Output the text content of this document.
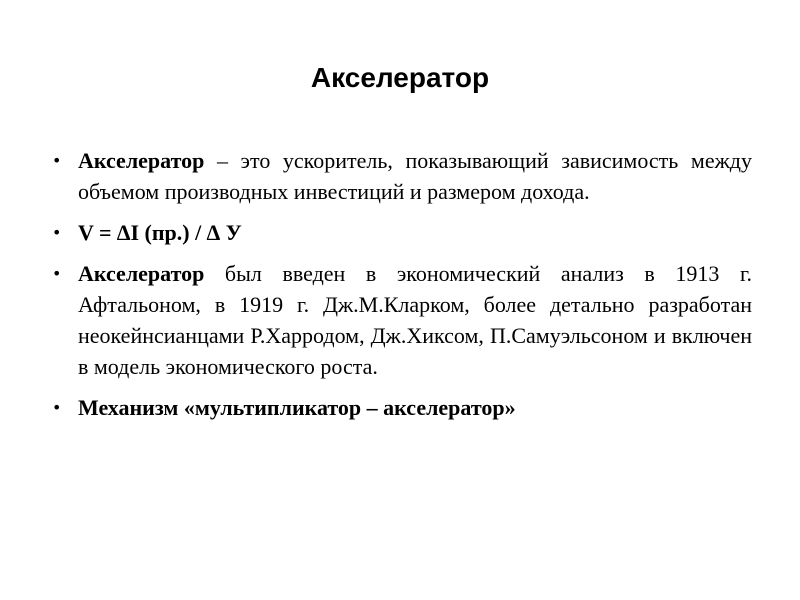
Акселератор
• Акселератор – это ускоритель, показывающий зависимость между объемом производных инвестиций и размером дохода.
• V = ∆I (пр.) / ∆ У
• Акселератор был введен в экономический анализ в 1913 г. Афтальоном, в 1919 г. Дж.М.Кларком, более детально разработан неокейнсианцами Р.Харродом, Дж.Хиксом, П.Самуэльсоном и включен в модель экономического роста.
• Механизм «мультипликатор – акселератор»
